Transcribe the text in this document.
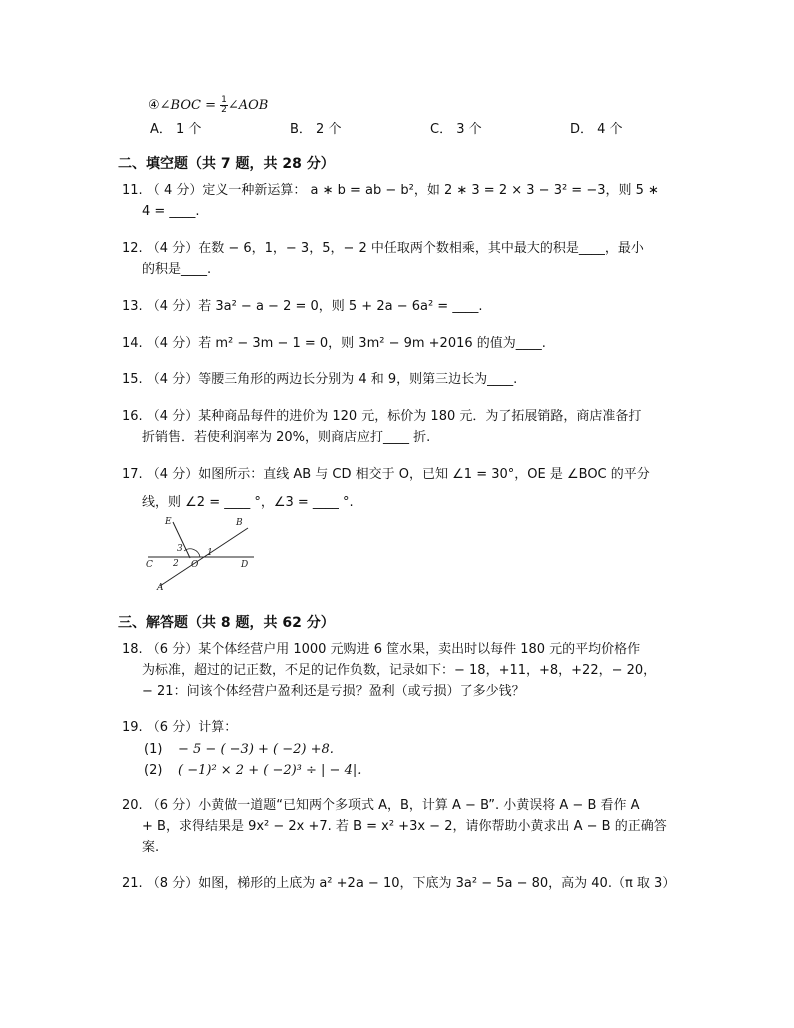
④∠BOC = $\frac{1}{2}$ ∠AOB
A． 1 个	B． 2 个	C． 3 个	D． 4 个
二、填空题（共 7 题，共 28 分）
11. （ 4 分）定义一种新运算： a ∗ b = ab − b²，如 2 ∗ 3 = 2 × 3 − 3² = −3，则 5 ∗
4 = ____.
12. （4 分）在数 − 6，1，− 3，5，− 2 中任取两个数相乘，其中最大的积是____，最小
的积是____.
13. （4 分）若 3a² − a − 2 = 0，则 5 + 2a − 6a² = ____.
14. （4 分）若 m² − 3m − 1 = 0，则 3m² − 9m +2016 的值为____.
15. （4 分）等腰三角形的两边长分别为 4 和 9，则第三边长为____.
16. （4 分）某种商品每件的进价为 120 元，标价为 180 元．为了拓展销路，商店准备打
折销售．若使利润率为 20%，则商店应打____ 折.
17. （4 分）如图所示：直线 AB 与 CD 相交于 O，已知 ∠1 = 30°，OE 是 ∠BOC 的平分
线，则 ∠2 = ____ °，∠3 = ____ °.
E	B
C	D
O
A
1
2
3
三、解答题（共 8 题，共 62 分）
18. （6 分）某个体经营户用 1000 元购进 6 筐水果，卖出时以每件 180 元的平均价格作
为标准，超过的记正数，不足的记作负数，记录如下：− 18，+11，+8，+22，− 20，
− 21：问该个体经营户盈利还是亏损？盈利（或亏损）了多少钱？
19. （6 分）计算：
(1) − 5 − ( −3) + ( −2) +8.
(2) ( −1)² × 2 + ( −2)³ ÷ | − 4|.
20. （6 分）小黄做一道题“已知两个多项式 A，B，计算 A − B”. 小黄误将 A − B 看作 A
+ B，求得结果是 9x² − 2x +7. 若 B = x² +3x − 2，请你帮助小黄求出 A − B 的正确答
案.
21. （8 分）如图，梯形的上底为 a² +2a − 10，下底为 3a² − 5a − 80，高为 40.（π 取 3）
